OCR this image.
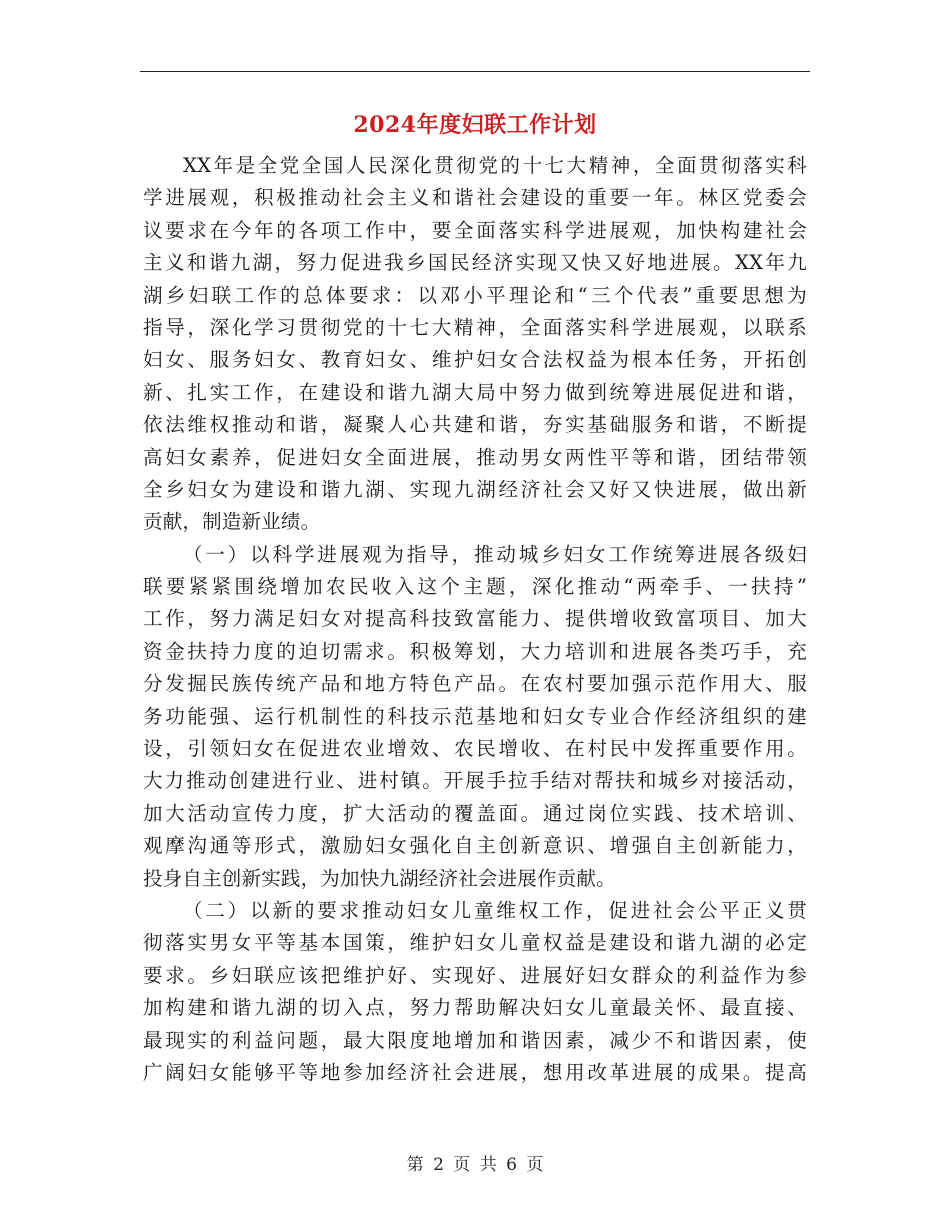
2024年度妇联工作计划
XX年是全党全国人民深化贯彻党的十七大精神，全面贯彻落实科
学进展观，积极推动社会主义和谐社会建设的重要一年。林区党委会
议要求在今年的各项工作中，要全面落实科学进展观，加快构建社会
主义和谐九湖，努力促进我乡国民经济实现又快又好地进展。XX年九
湖乡妇联工作的总体要求：以邓小平理论和“三个代表”重要思想为
指导，深化学习贯彻党的十七大精神，全面落实科学进展观，以联系
妇女、服务妇女、教育妇女、维护妇女合法权益为根本任务，开拓创
新、扎实工作，在建设和谐九湖大局中努力做到统筹进展促进和谐，
依法维权推动和谐，凝聚人心共建和谐，夯实基础服务和谐，不断提
高妇女素养，促进妇女全面进展，推动男女两性平等和谐，团结带领
全乡妇女为建设和谐九湖、实现九湖经济社会又好又快进展，做出新
贡献，制造新业绩。
（一）以科学进展观为指导，推动城乡妇女工作统筹进展各级妇
联要紧紧围绕增加农民收入这个主题，深化推动“两牵手、一扶持”
工作，努力满足妇女对提高科技致富能力、提供增收致富项目、加大
资金扶持力度的迫切需求。积极筹划，大力培训和进展各类巧手，充
分发掘民族传统产品和地方特色产品。在农村要加强示范作用大、服
务功能强、运行机制性的科技示范基地和妇女专业合作经济组织的建
设，引领妇女在促进农业增效、农民增收、在村民中发挥重要作用。
大力推动创建进行业、进村镇。开展手拉手结对帮扶和城乡对接活动，
加大活动宣传力度，扩大活动的覆盖面。通过岗位实践、技术培训、
观摩沟通等形式，激励妇女强化自主创新意识、增强自主创新能力，
投身自主创新实践，为加快九湖经济社会进展作贡献。
（二）以新的要求推动妇女儿童维权工作，促进社会公平正义贯
彻落实男女平等基本国策，维护妇女儿童权益是建设和谐九湖的必定
要求。乡妇联应该把维护好、实现好、进展好妇女群众的利益作为参
加构建和谐九湖的切入点，努力帮助解决妇女儿童最关怀、最直接、
最现实的利益问题，最大限度地增加和谐因素，减少不和谐因素，使
广阔妇女能够平等地参加经济社会进展，想用改革进展的成果。提高
第 2 页 共 6 页
